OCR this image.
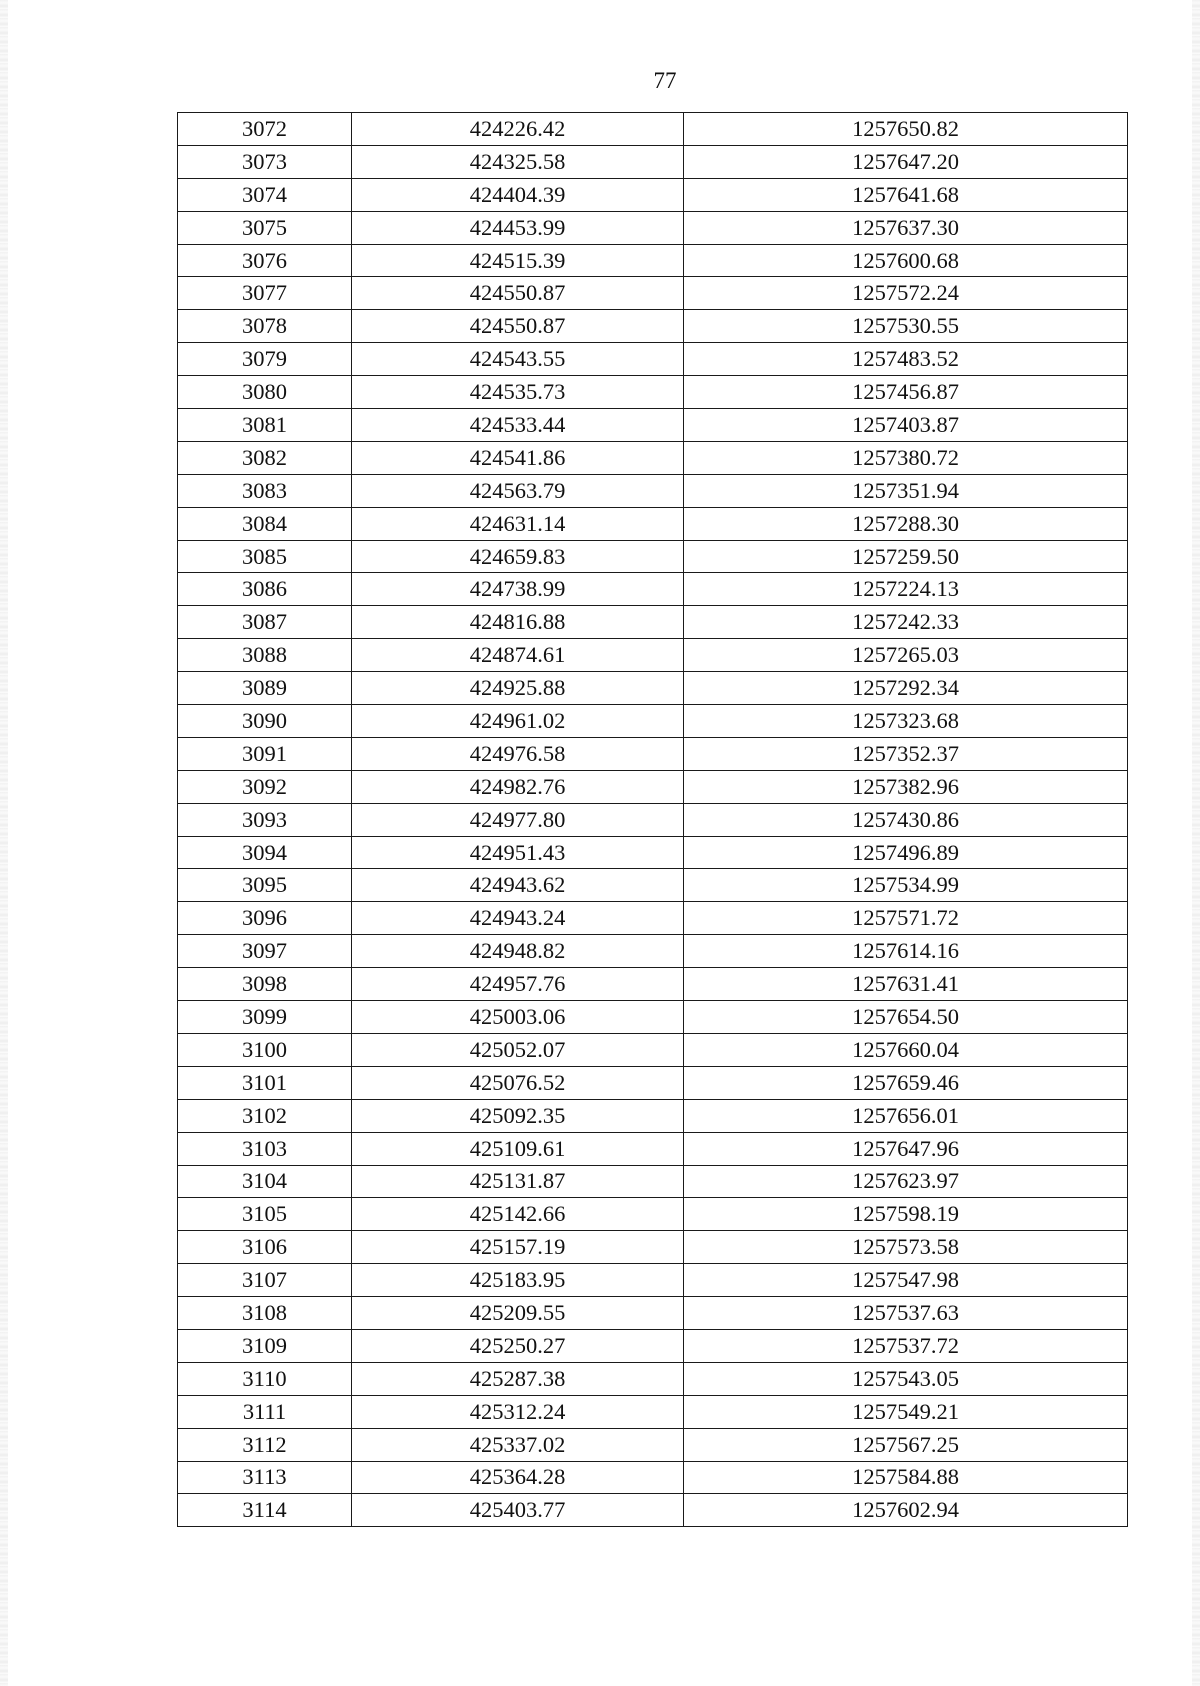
77
3072	424226.42	1257650.82
3073	424325.58	1257647.20
3074	424404.39	1257641.68
3075	424453.99	1257637.30
3076	424515.39	1257600.68
3077	424550.87	1257572.24
3078	424550.87	1257530.55
3079	424543.55	1257483.52
3080	424535.73	1257456.87
3081	424533.44	1257403.87
3082	424541.86	1257380.72
3083	424563.79	1257351.94
3084	424631.14	1257288.30
3085	424659.83	1257259.50
3086	424738.99	1257224.13
3087	424816.88	1257242.33
3088	424874.61	1257265.03
3089	424925.88	1257292.34
3090	424961.02	1257323.68
3091	424976.58	1257352.37
3092	424982.76	1257382.96
3093	424977.80	1257430.86
3094	424951.43	1257496.89
3095	424943.62	1257534.99
3096	424943.24	1257571.72
3097	424948.82	1257614.16
3098	424957.76	1257631.41
3099	425003.06	1257654.50
3100	425052.07	1257660.04
3101	425076.52	1257659.46
3102	425092.35	1257656.01
3103	425109.61	1257647.96
3104	425131.87	1257623.97
3105	425142.66	1257598.19
3106	425157.19	1257573.58
3107	425183.95	1257547.98
3108	425209.55	1257537.63
3109	425250.27	1257537.72
3110	425287.38	1257543.05
3111	425312.24	1257549.21
3112	425337.02	1257567.25
3113	425364.28	1257584.88
3114	425403.77	1257602.94
